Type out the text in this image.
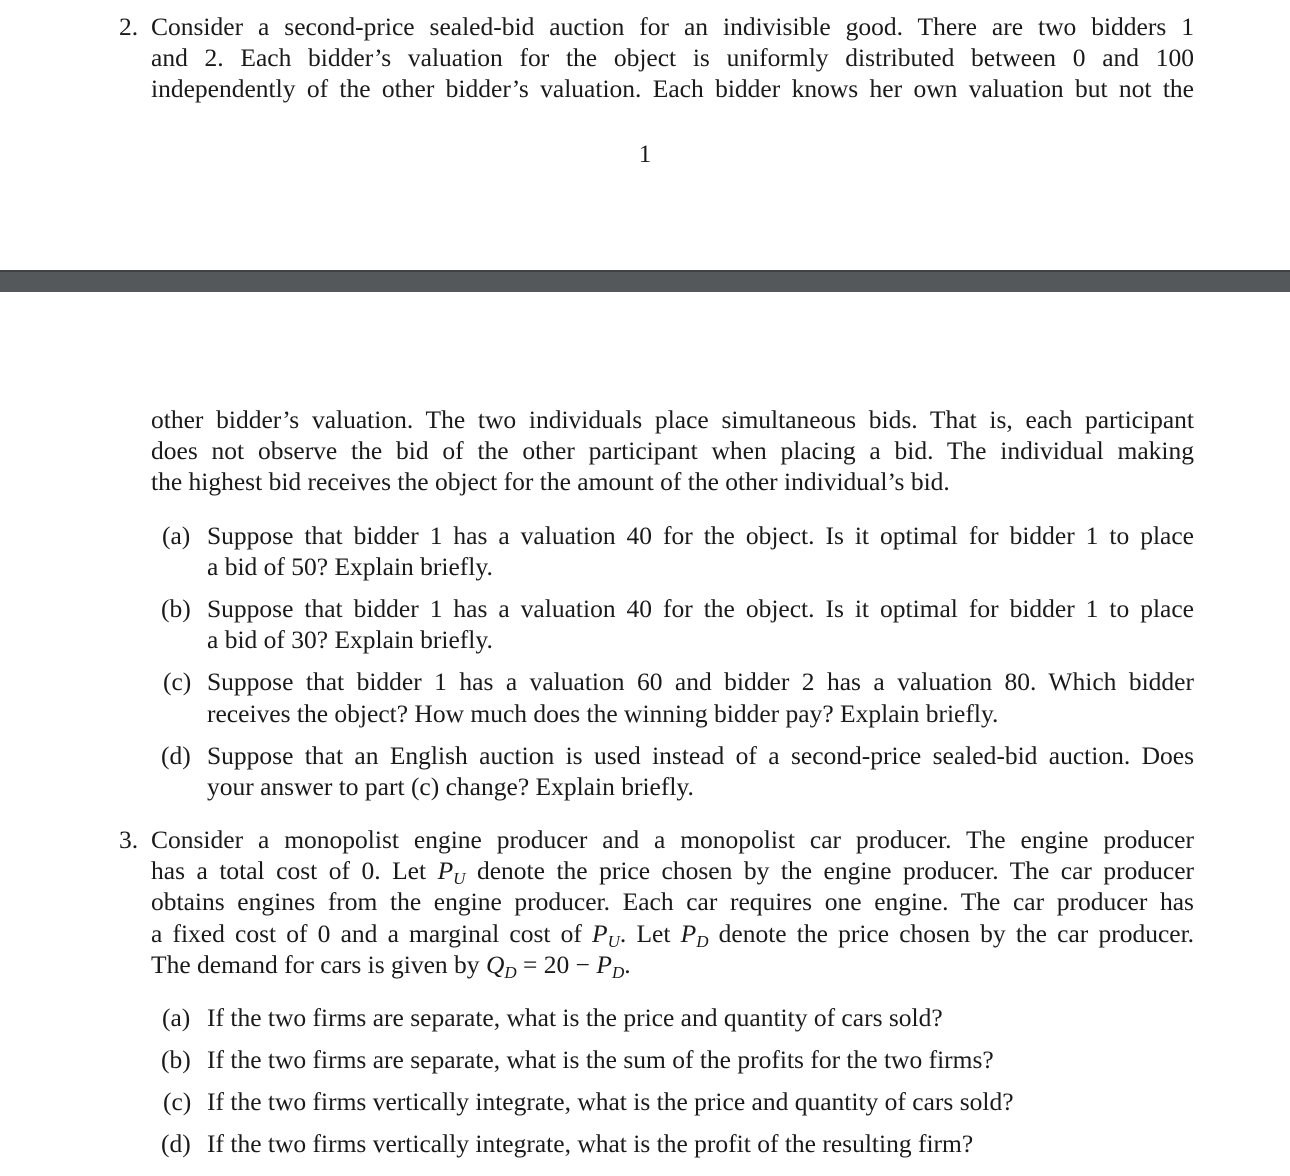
2. Consider a second-price sealed-bid auction for an indivisible good. There are two bidders 1
and 2. Each bidder’s valuation for the object is uniformly distributed between 0 and 100
independently of the other bidder’s valuation. Each bidder knows her own valuation but not the
1
other bidder’s valuation. The two individuals place simultaneous bids. That is, each participant
does not observe the bid of the other participant when placing a bid. The individual making
the highest bid receives the object for the amount of the other individual’s bid.
(a) Suppose that bidder 1 has a valuation 40 for the object. Is it optimal for bidder 1 to place
a bid of 50? Explain briefly.
(b) Suppose that bidder 1 has a valuation 40 for the object. Is it optimal for bidder 1 to place
a bid of 30? Explain briefly.
(c) Suppose that bidder 1 has a valuation 60 and bidder 2 has a valuation 80. Which bidder
receives the object? How much does the winning bidder pay? Explain briefly.
(d) Suppose that an English auction is used instead of a second-price sealed-bid auction. Does
your answer to part (c) change? Explain briefly.
3. Consider a monopolist engine producer and a monopolist car producer. The engine producer
has a total cost of 0. Let $P_U$ denote the price chosen by the engine producer. The car producer
obtains engines from the engine producer. Each car requires one engine. The car producer has
a fixed cost of 0 and a marginal cost of $P_U$. Let $P_D$ denote the price chosen by the car producer.
The demand for cars is given by $Q_D = 20 - P_D$.
(a) If the two firms are separate, what is the price and quantity of cars sold?
(b) If the two firms are separate, what is the sum of the profits for the two firms?
(c) If the two firms vertically integrate, what is the price and quantity of cars sold?
(d) If the two firms vertically integrate, what is the profit of the resulting firm?
